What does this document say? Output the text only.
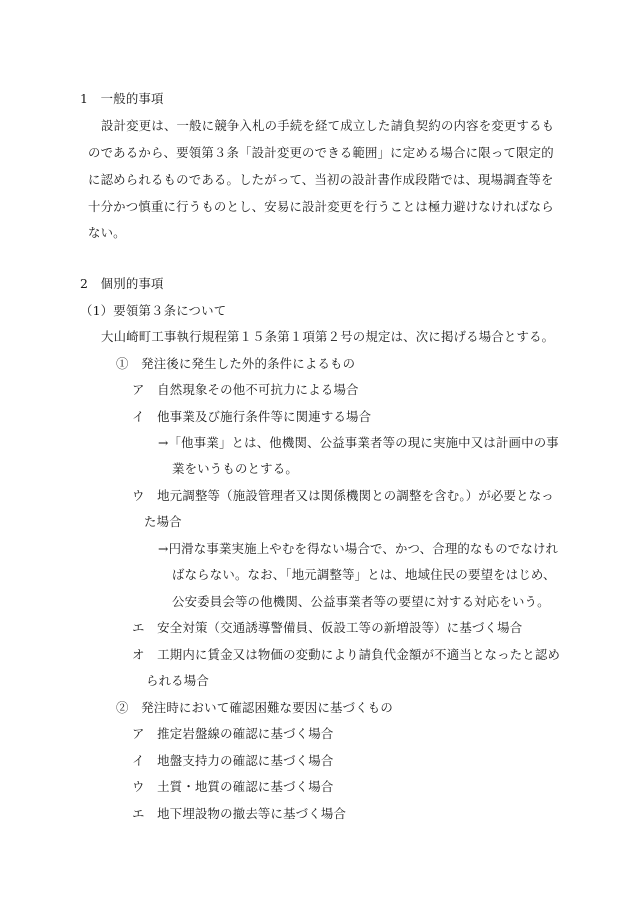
1　一般的事項
設計変更は、一般に競争入札の手続を経て成立した請負契約の内容を変更するも
のであるから、要領第３条「設計変更のできる範囲」に定める場合に限って限定的
に認められるものである。したがって、当初の設計書作成段階では、現場調査等を
十分かつ慎重に行うものとし、安易に設計変更を行うことは極力避けなければなら
ない。
2　個別的事項
（1）要領第３条について
大山崎町工事執行規程第１５条第１項第２号の規定は、次に掲げる場合とする。
①　発注後に発生した外的条件によるもの
ア　自然現象その他不可抗力による場合
イ　他事業及び施行条件等に関連する場合
→「他事業」とは、他機関、公益事業者等の現に実施中又は計画中の事
業をいうものとする。
ウ　地元調整等（施設管理者又は関係機関との調整を含む。）が必要となっ
た場合
→円滑な事業実施上やむを得ない場合で、かつ、合理的なものでなけれ
ばならない。なお、「地元調整等」とは、地域住民の要望をはじめ、
公安委員会等の他機関、公益事業者等の要望に対する対応をいう。
エ　安全対策（交通誘導警備員、仮設工等の新増設等）に基づく場合
オ　工期内に賃金又は物価の変動により請負代金額が不適当となったと認め
られる場合
②　発注時において確認困難な要因に基づくもの
ア　推定岩盤線の確認に基づく場合
イ　地盤支持力の確認に基づく場合
ウ　土質・地質の確認に基づく場合
エ　地下埋設物の撤去等に基づく場合
